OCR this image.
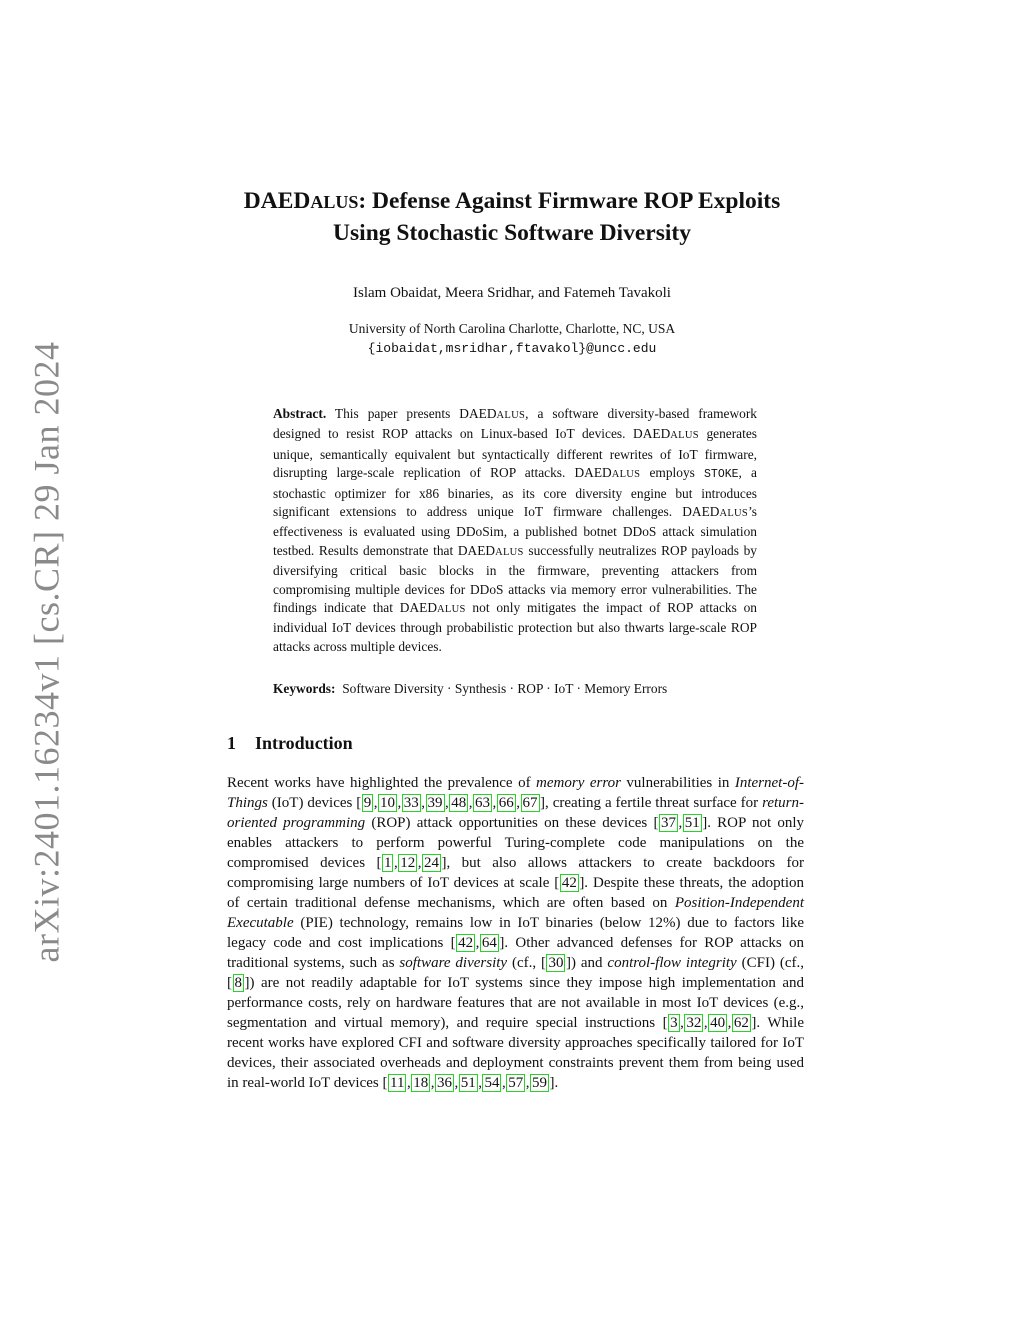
arXiv:2401.16234v1 [cs.CR] 29 Jan 2024
DAEDALUS: Defense Against Firmware ROP Exploits
Using Stochastic Software Diversity
Islam Obaidat, Meera Sridhar, and Fatemeh Tavakoli
University of North Carolina Charlotte, Charlotte, NC, USA
{iobaidat,msridhar,ftavakol}@uncc.edu
Abstract. This paper presents DAEDALUS, a software diversity-based framework designed to resist ROP attacks on Linux-based IoT devices. DAEDALUS generates unique, semantically equivalent but syntactically different rewrites of IoT firmware, disrupting large-scale replication of ROP attacks. DAEDALUS employs STOKE, a stochastic optimizer for x86 binaries, as its core diversity engine but introduces significant extensions to address unique IoT firmware challenges. DAEDALUS’s effectiveness is evaluated using DDoSim, a published botnet DDoS attack simulation testbed. Results demonstrate that DAEDALUS successfully neutralizes ROP payloads by diversifying critical basic blocks in the firmware, preventing attackers from compromising multiple devices for DDoS attacks via memory error vulnerabilities. The findings indicate that DAEDALUS not only mitigates the impact of ROP attacks on individual IoT devices through probabilistic protection but also thwarts large-scale ROP attacks across multiple devices.
Keywords: Software Diversity · Synthesis · ROP · IoT · Memory Errors
1 Introduction
Recent works have highlighted the prevalence of memory error vulnerabilities in Internet-of-Things (IoT) devices [ 9 , 10 , 33 , 39 , 48 , 63 , 66 , 67 ], creating a fertile threat surface for return-oriented programming (ROP) attack opportunities on these devices [ 37 , 51 ]. ROP not only enables attackers to perform powerful Turing-complete code manipulations on the compromised devices [ 1 , 12 , 24 ], but also allows attackers to create backdoors for compromising large numbers of IoT devices at scale [ 42 ]. Despite these threats, the adoption of certain traditional defense mechanisms, which are often based on Position-Independent Executable (PIE) technology, remains low in IoT binaries (below 12%) due to factors like legacy code and cost implications [ 42 , 64 ]. Other advanced defenses for ROP attacks on traditional systems, such as software diversity (cf., [ 30 ]) and control-flow integrity (CFI) (cf., [ 8 ]) are not readily adaptable for IoT systems since they impose high implementation and performance costs, rely on hardware features that are not available in most IoT devices (e.g., segmentation and virtual memory), and require special instructions [ 3 , 32 , 40 , 62 ]. While recent works have explored CFI and software diversity approaches specifically tailored for IoT devices, their associated overheads and deployment constraints prevent them from being used in real-world IoT devices [ 11 , 18 , 36 , 51 , 54 , 57 , 59 ].
